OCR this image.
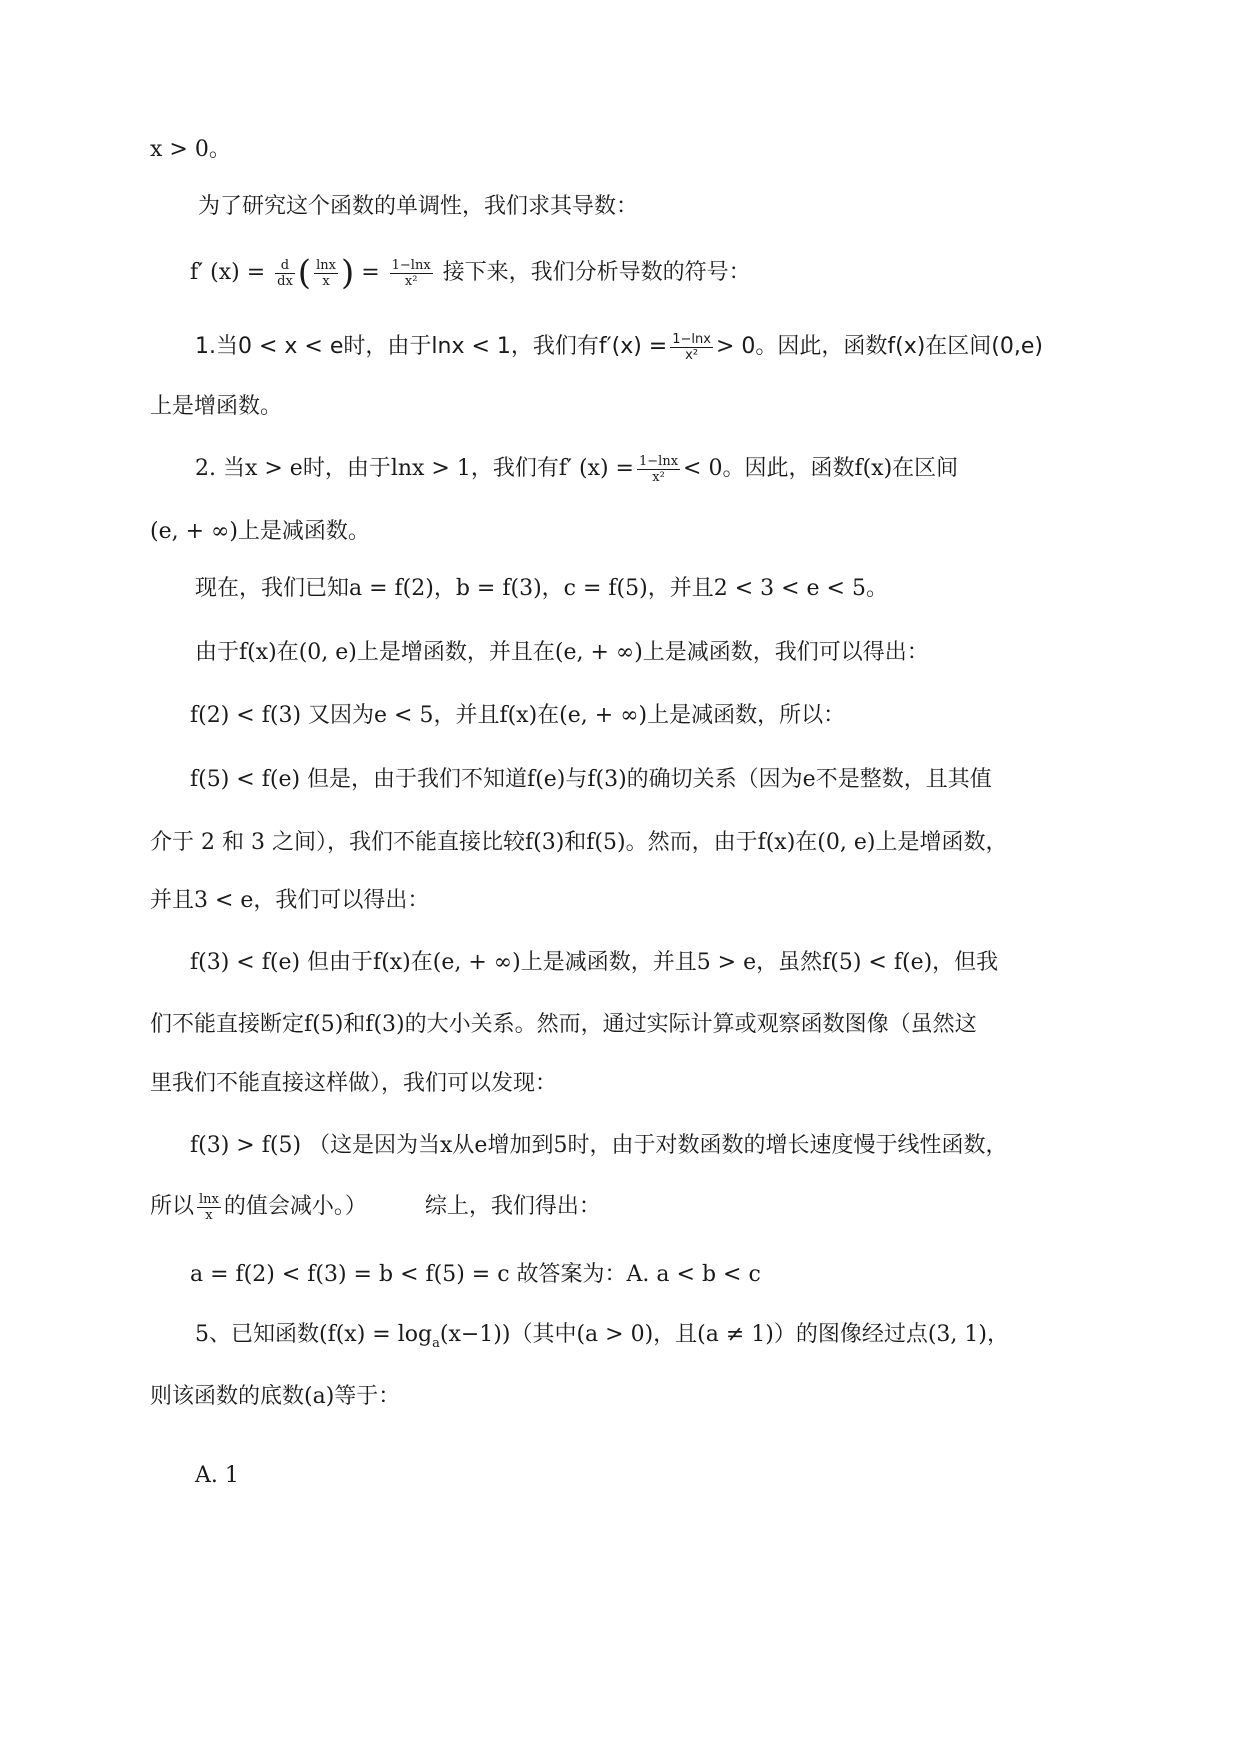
x > 0。
为了研究这个函数的单调性，我们求其导数：
f′ $(x) = \frac{d}{dx}$ ( $\frac{\ln x}{x}$ ) = $\frac{1-\ln x}{\text{x²}}$ 接下来，我们分析导数的符号：
1.当0 < x < e时，由于lnx < 1，我们有$f'(x) = \frac{1-\ln x}{\text{x²}} > 0$。因此，函数f(x)在区间(0,e)
上是增函数。
2. 当x > e时，由于lnx > 1，我们有f′ $(x) = \frac{1-\ln x}{\text{x²}} < 0$。因此，函数f(x)在区间
(e, + ∞)上是减函数。
现在，我们已知a = f(2)，b = f(3)，c = f(5)，并且2 < 3 < e < 5。
由于f(x)在(0, e)上是增函数，并且在(e, + ∞)上是减函数，我们可以得出：
f(2) < f(3) 又因为e < 5，并且f(x)在(e, + ∞)上是减函数，所以：
f(5) < f(e) 但是，由于我们不知道f(e)与f(3)的确切关系（因为e不是整数，且其值
介于 2 和 3 之间），我们不能直接比较f(3)和f(5)。然而，由于f(x)在(0, e)上是增函数，
并且3 < e，我们可以得出：
f(3) < f(e) 但由于f(x)在(e, + ∞)上是减函数，并且5 > e，虽然f(5) < f(e)，但我
们不能直接断定f(5)和f(3)的大小关系。然而，通过实际计算或观察函数图像（虽然这
里我们不能直接这样做），我们可以发现：
f(3) > f(5) （这是因为当x从e增加到5时，由于对数函数的增长速度慢于线性函数，
所以 $\frac{\ln x}{x}$ 的值会减小。）	综上，我们得出：
a = f(2) < f(3) = b < f(5) = c 故答案为：A. a < b < c
5、已知函数$(f(x) = \log_a(x-1))$（其中(a > 0)，且(a ≠ 1)）的图像经过点(3, 1)，
则该函数的底数(a)等于：
A. 1
